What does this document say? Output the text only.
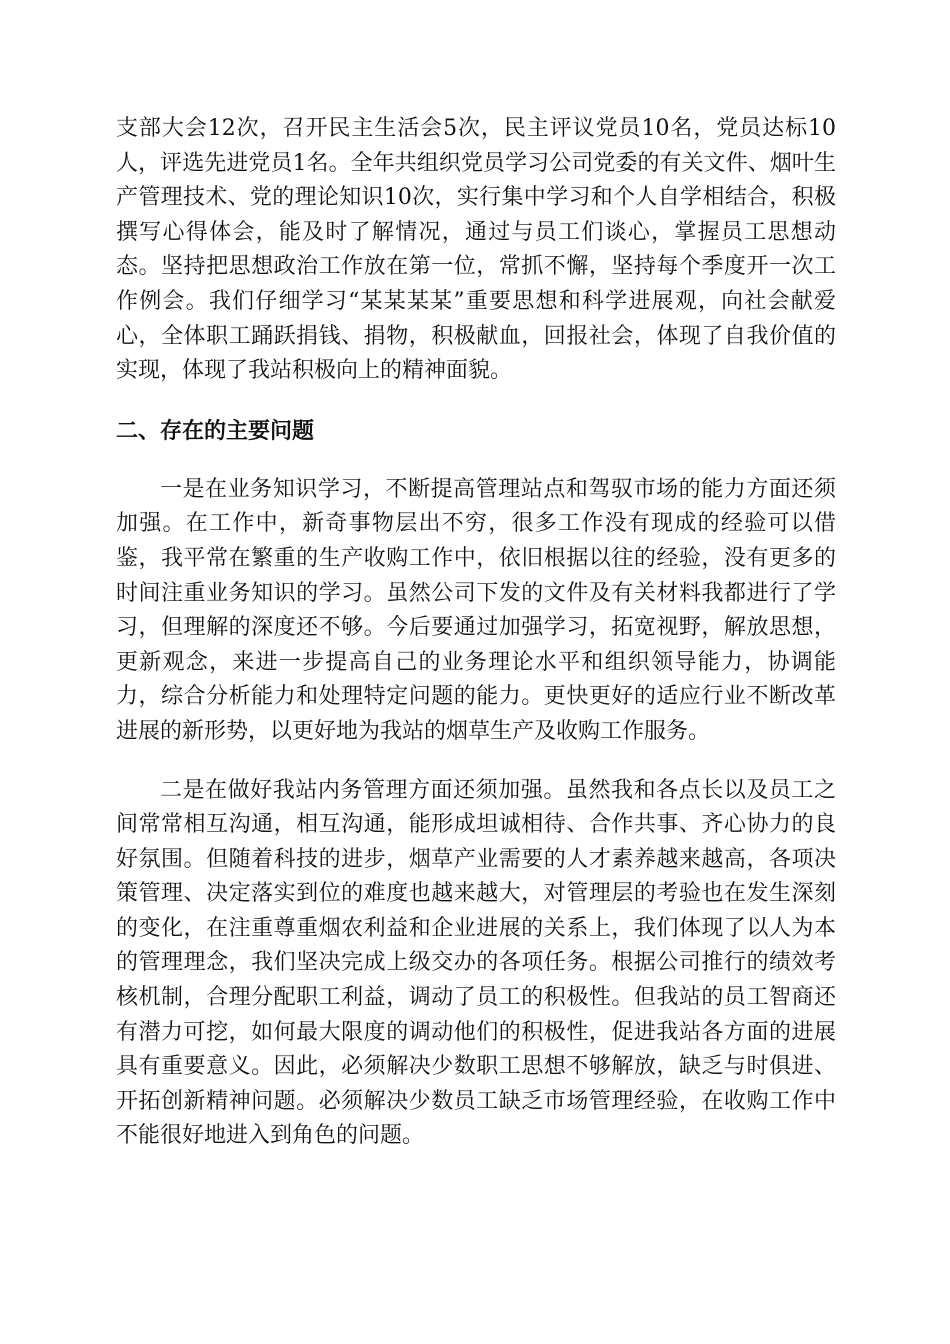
支部大会12次，召开民主生活会5次，民主评议党员10名，党员达标10人，评选先进党员1名。全年共组织党员学习公司党委的有关文件、烟叶生产管理技术、党的理论知识10次，实行集中学习和个人自学相结合，积极撰写心得体会，能及时了解情况，通过与员工们谈心，掌握员工思想动态。坚持把思想政治工作放在第一位，常抓不懈，坚持每个季度开一次工作例会。我们仔细学习“某某某某”重要思想和科学进展观，向社会献爱心，全体职工踊跃捐钱、捐物，积极献血，回报社会，体现了自我价值的实现，体现了我站积极向上的精神面貌。

二、存在的主要问题

一是在业务知识学习，不断提高管理站点和驾驭市场的能力方面还须加强。在工作中，新奇事物层出不穷，很多工作没有现成的经验可以借鉴，我平常在繁重的生产收购工作中，依旧根据以往的经验，没有更多的时间注重业务知识的学习。虽然公司下发的文件及有关材料我都进行了学习，但理解的深度还不够。今后要通过加强学习，拓宽视野，解放思想，更新观念，来进一步提高自己的业务理论水平和组织领导能力，协调能力，综合分析能力和处理特定问题的能力。更快更好的适应行业不断改革进展的新形势，以更好地为我站的烟草生产及收购工作服务。

二是在做好我站内务管理方面还须加强。虽然我和各点长以及员工之间常常相互沟通，相互沟通，能形成坦诚相待、合作共事、齐心协力的良好氛围。但随着科技的进步，烟草产业需要的人才素养越来越高，各项决策管理、决定落实到位的难度也越来越大，对管理层的考验也在发生深刻的变化，在注重尊重烟农利益和企业进展的关系上，我们体现了以人为本的管理理念，我们坚决完成上级交办的各项任务。根据公司推行的绩效考核机制，合理分配职工利益，调动了员工的积极性。但我站的员工智商还有潜力可挖，如何最大限度的调动他们的积极性，促进我站各方面的进展具有重要意义。因此，必须解决少数职工思想不够解放，缺乏与时俱进、开拓创新精神问题。必须解决少数员工缺乏市场管理经验，在收购工作中不能很好地进入到角色的问题。
